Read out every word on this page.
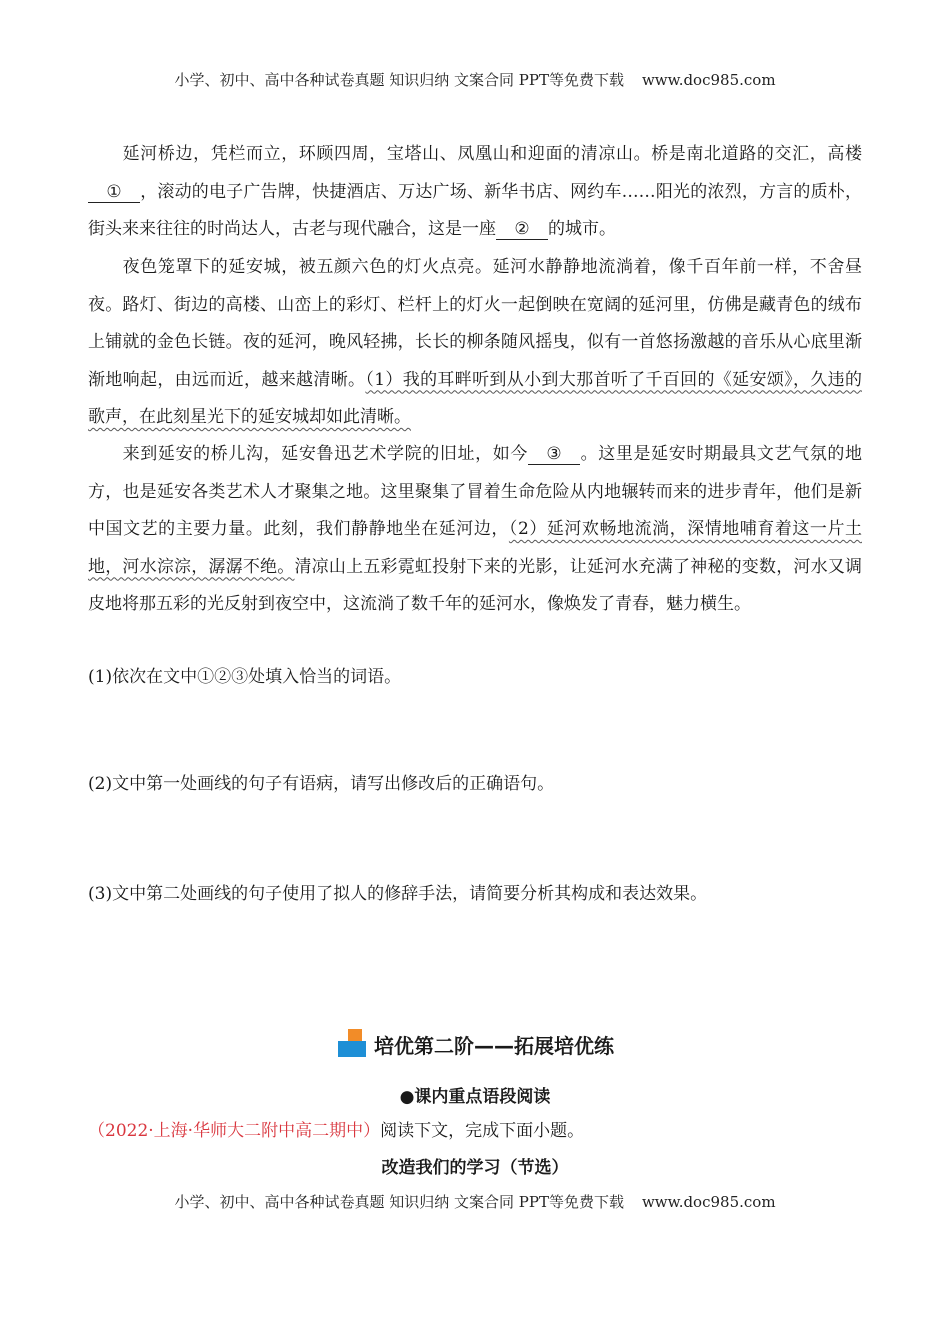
小学、初中、高中各种试卷真题 知识归纳 文案合同 PPT等免费下载 www.doc985.com
延河桥边，凭栏而立，环顾四周，宝塔山、凤凰山和迎面的清凉山。桥是南北道路的交汇，高楼① ，滚动的电子广告牌，快捷酒店、万达广场、新华书店、网约车……阳光的浓烈，方言的质朴，街头来来往往的时尚达人，古老与现代融合，这是一座 ② 的城市。
夜色笼罩下的延安城，被五颜六色的灯火点亮。延河水静静地流淌着，像千百年前一样，不舍昼夜。路灯、街边的高楼、山峦上的彩灯、栏杆上的灯火一起倒映在宽阔的延河里，仿佛是藏青色的绒布上铺就的金色长链。夜的延河，晚风轻拂，长长的柳条随风摇曳，似有一首悠扬激越的音乐从心底里渐渐地响起，由远而近，越来越清晰。（1）我的耳畔听到从小到大那首听了千百回的《延安颂》，久违的歌声，在此刻星光下的延安城却如此清晰。
来到延安的桥儿沟，延安鲁迅艺术学院的旧址，如今 ③ 。这里是延安时期最具文艺气氛的地方，也是延安各类艺术人才聚集之地。这里聚集了冒着生命危险从内地辗转而来的进步青年，他们是新中国文艺的主要力量。此刻，我们静静地坐在延河边，（2）延河欢畅地流淌，深情地哺育着这一片土地，河水淙淙，潺潺不绝。清凉山上五彩霓虹投射下来的光影，让延河水充满了神秘的变数，河水又调皮地将那五彩的光反射到夜空中，这流淌了数千年的延河水，像焕发了青春，魅力横生。
(1)依次在文中①②③处填入恰当的词语。
(2)文中第一处画线的句子有语病，请写出修改后的正确语句。
(3)文中第二处画线的句子使用了拟人的修辞手法，请简要分析其构成和表达效果。
培优第二阶——拓展培优练
●课内重点语段阅读
（2022·上海·华师大二附中高二期中）阅读下文，完成下面小题。
改造我们的学习（节选）
小学、初中、高中各种试卷真题 知识归纳 文案合同 PPT等免费下载 www.doc985.com
